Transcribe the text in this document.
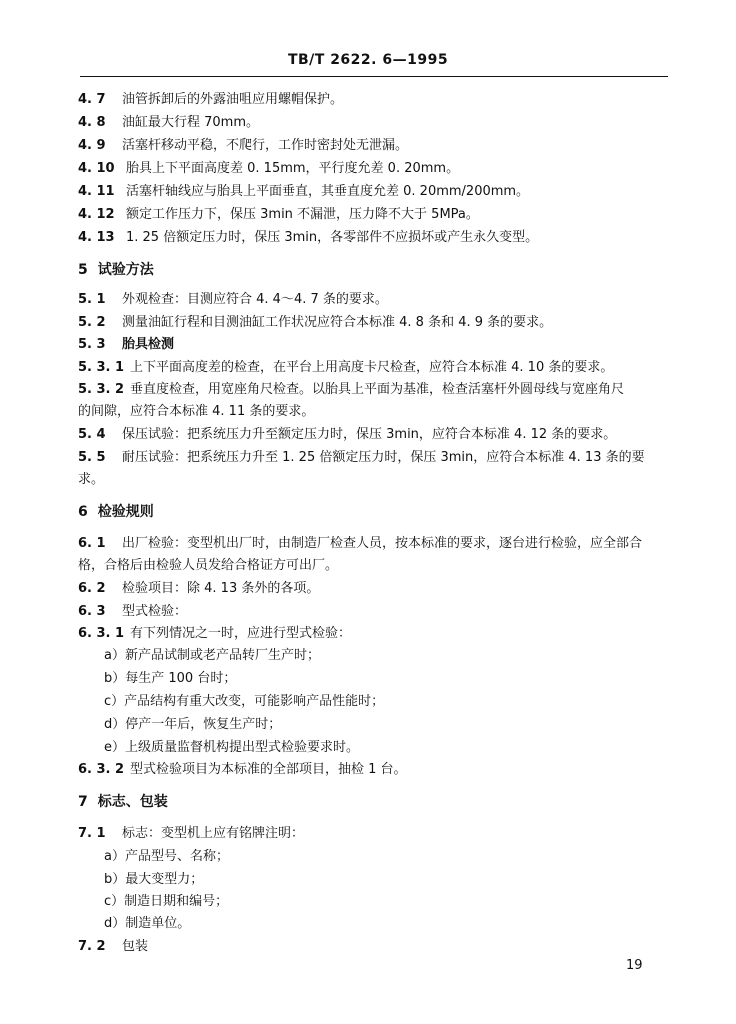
TB/T 2622. 6—1995
4. 7 油管拆卸后的外露油咀应用螺帽保护。
4. 8 油缸最大行程 70mm。
4. 9 活塞杆移动平稳，不爬行，工作时密封处无泄漏。
4. 10 胎具上下平面高度差 0. 15mm，平行度允差 0. 20mm。
4. 11 活塞杆轴线应与胎具上平面垂直，其垂直度允差 0. 20mm/200mm。
4. 12 额定工作压力下，保压 3min 不漏泄，压力降不大于 5MPa。
4. 13 1. 25 倍额定压力时，保压 3min，各零部件不应损坏或产生永久变型。
5 试验方法
5. 1 外观检查：目测应符合 4. 4～4. 7 条的要求。
5. 2 测量油缸行程和目测油缸工作状况应符合本标准 4. 8 条和 4. 9 条的要求。
5. 3 胎具检测
5. 3. 1 上下平面高度差的检查，在平台上用高度卡尺检查，应符合本标准 4. 10 条的要求。
5. 3. 2 垂直度检查，用宽座角尺检查。以胎具上平面为基准，检查活塞杆外圆母线与宽座角尺
的间隙，应符合本标准 4. 11 条的要求。
5. 4 保压试验：把系统压力升至额定压力时，保压 3min，应符合本标准 4. 12 条的要求。
5. 5 耐压试验：把系统压力升至 1. 25 倍额定压力时，保压 3min，应符合本标准 4. 13 条的要
求。
6 检验规则
6. 1 出厂检验：变型机出厂时，由制造厂检查人员，按本标准的要求，逐台进行检验，应全部合
格，合格后由检验人员发给合格证方可出厂。
6. 2 检验项目：除 4. 13 条外的各项。
6. 3 型式检验：
6. 3. 1 有下列情况之一时，应进行型式检验：
a）新产品试制或老产品转厂生产时；
b）每生产 100 台时；
c）产品结构有重大改变，可能影响产品性能时；
d）停产一年后，恢复生产时；
e）上级质量监督机构提出型式检验要求时。
6. 3. 2 型式检验项目为本标准的全部项目，抽检 1 台。
7 标志、包装
7. 1 标志：变型机上应有铭牌注明：
a）产品型号、名称；
b）最大变型力；
c）制造日期和编号；
d）制造单位。
7. 2 包装
19
